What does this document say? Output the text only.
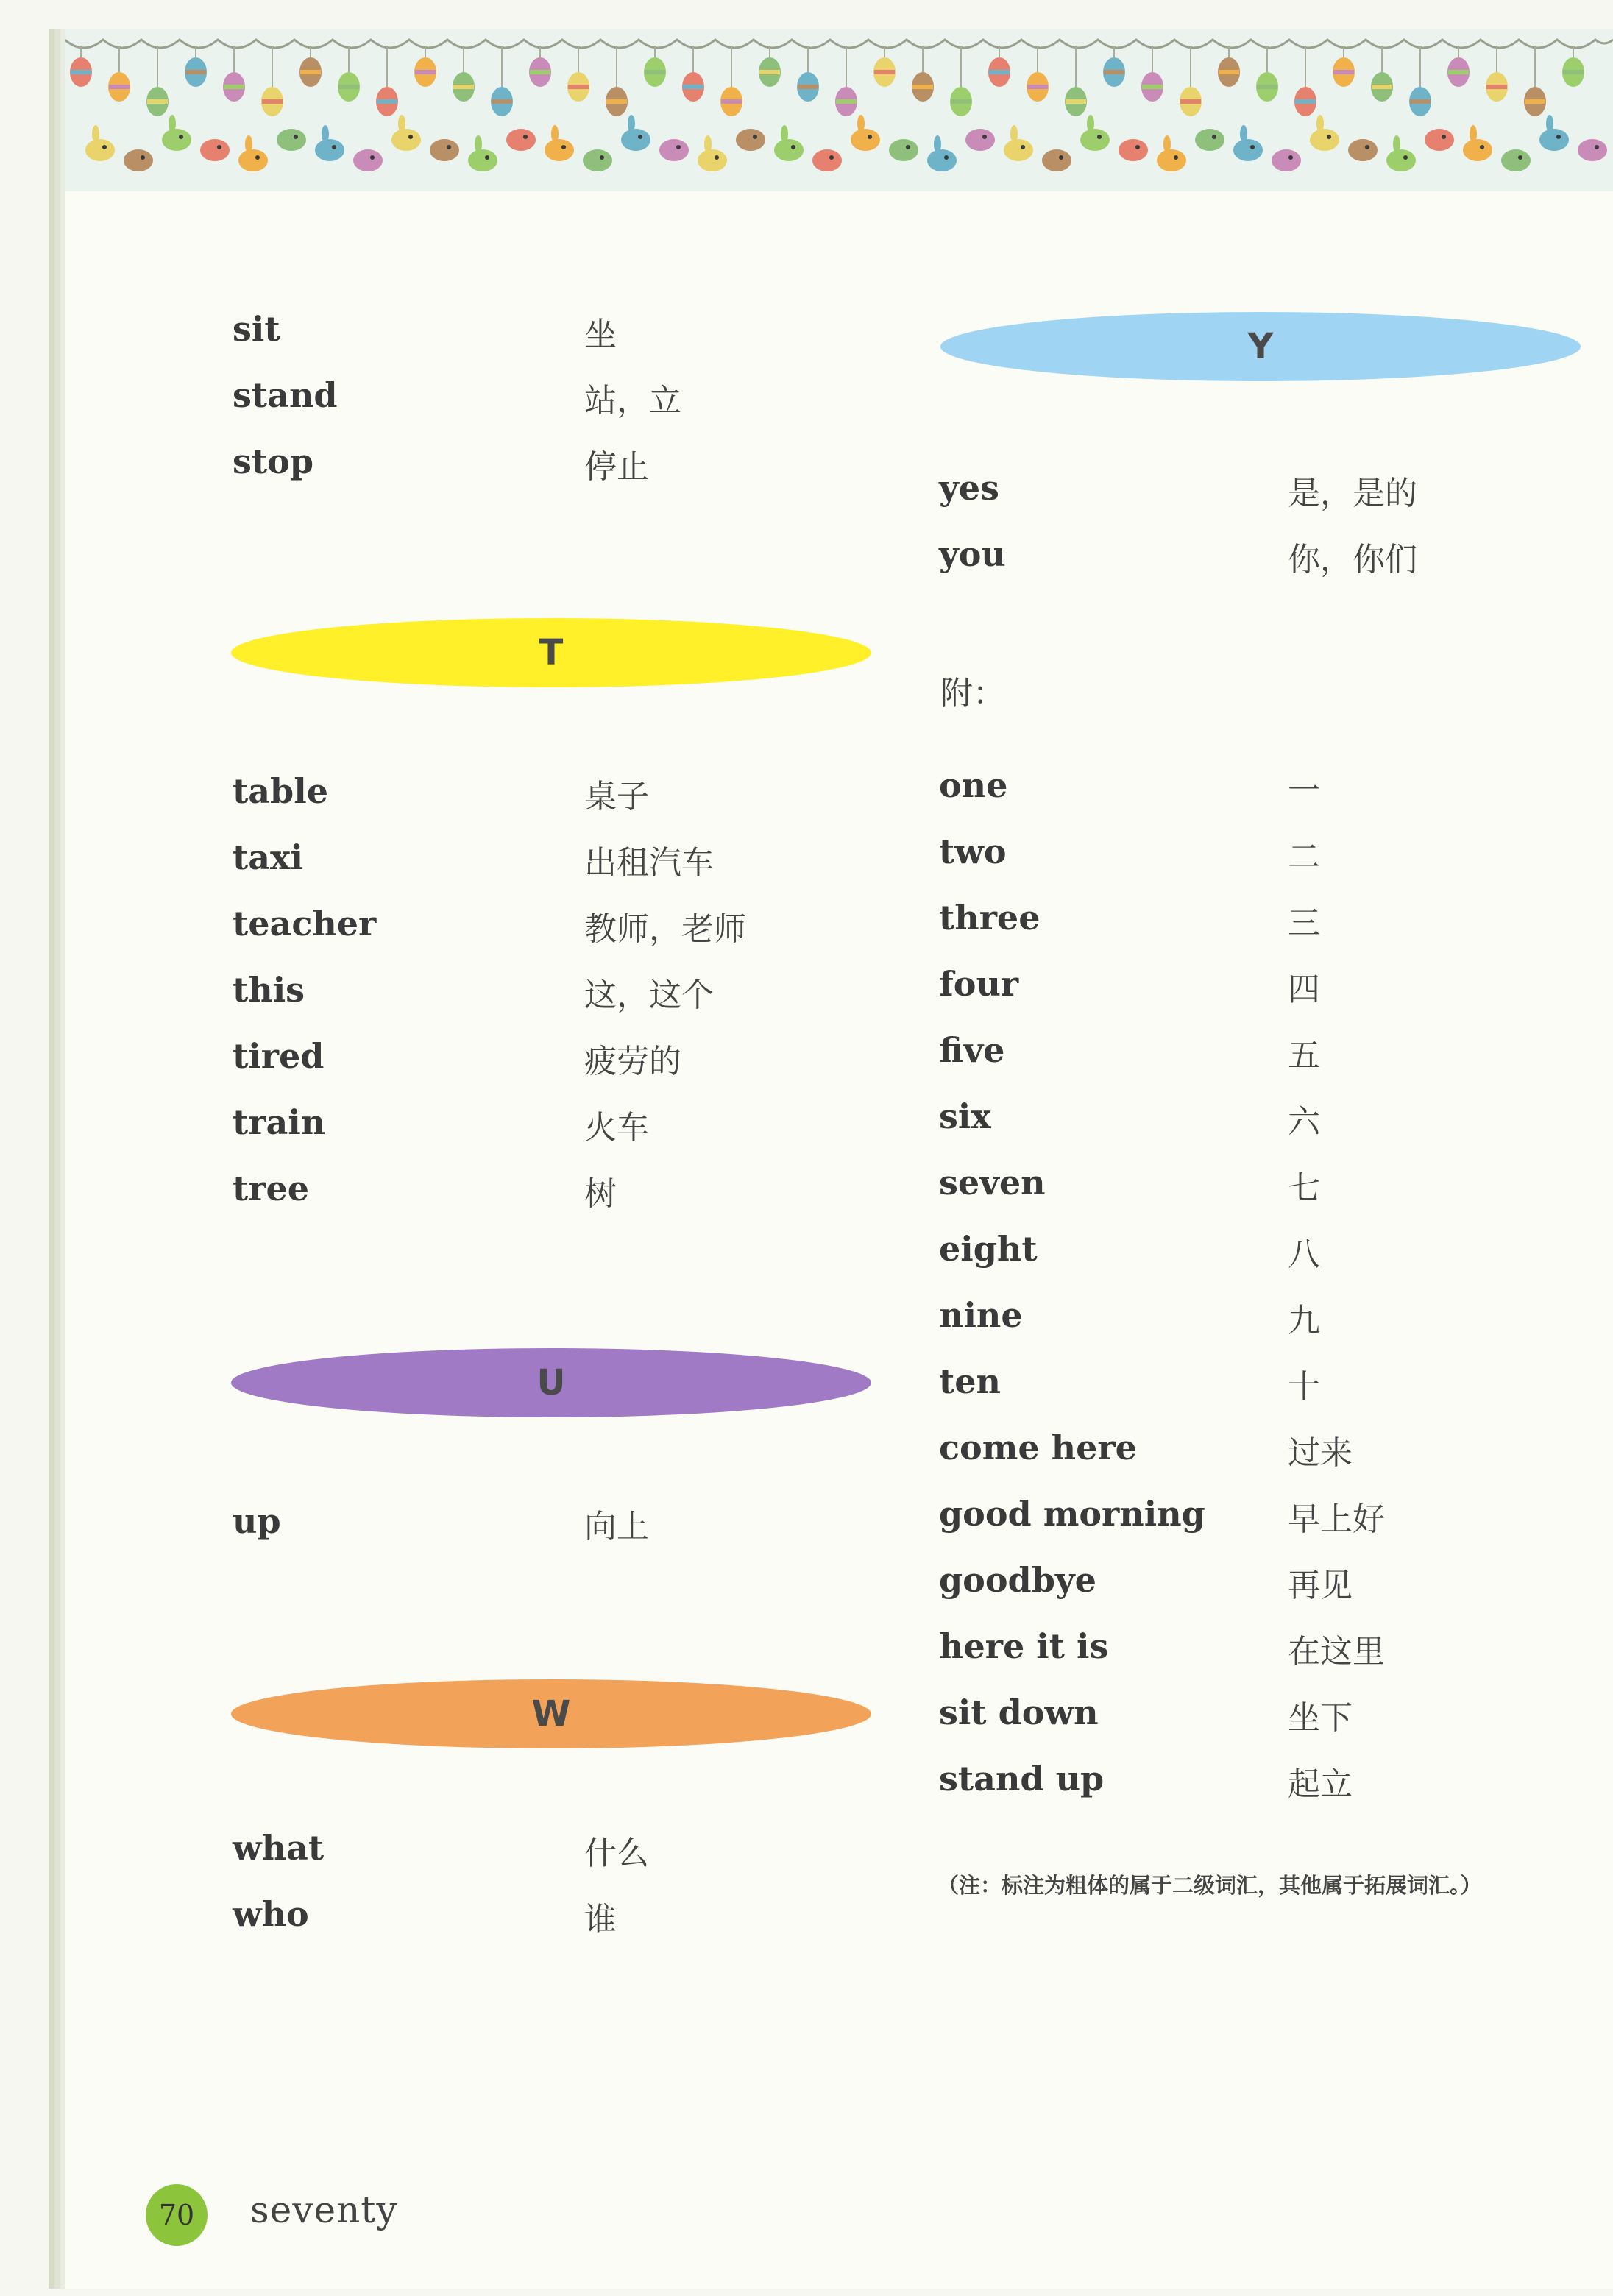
sit	坐
stand	站，立
stop	停止
T
table	桌子
taxi	出租汽车
teacher	教师，老师
this	这，这个
tired	疲劳的
train	火车
tree	树
U
up	向上
W
what	什么
who	谁
Y
yes	是，是的
you	你，你们
附：
one	一
two	二
three	三
four	四
five	五
six	六
seven	七
eight	八
nine	九
ten	十
come here	过来
good morning	早上好
goodbye	再见
here it is	在这里
sit down	坐下
stand up	起立
（注：标注为粗体的属于二级词汇，其他属于拓展词汇。）
70 seventy
